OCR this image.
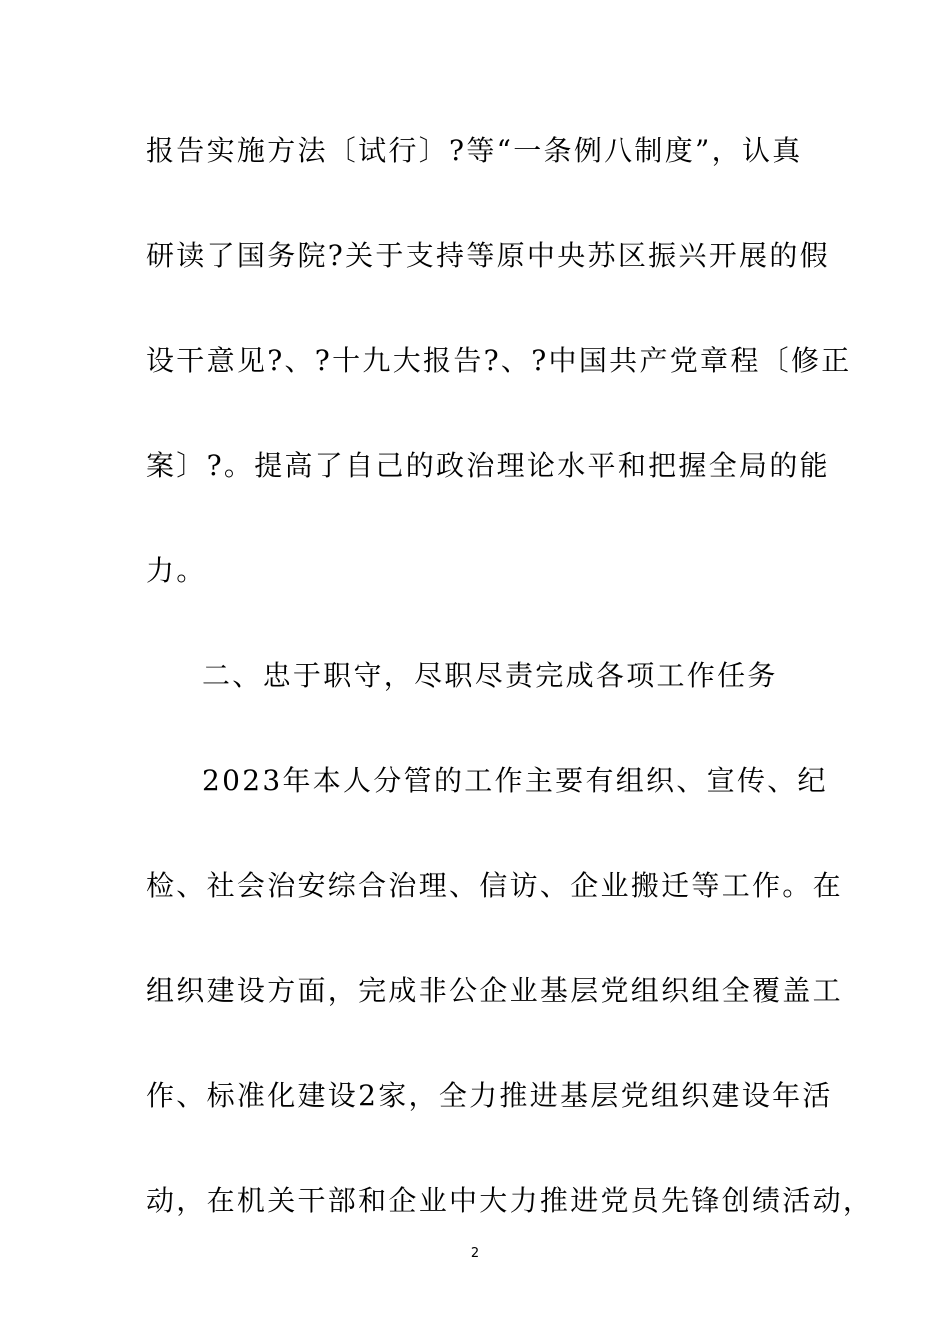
报告实施方法〔试行〕?等“一条例八制度”，认真
研读了国务院?关于支持等原中央苏区振兴开展的假
设干意见?、?十九大报告?、?中国共产党章程〔修正
案〕?。提高了自己的政治理论水平和把握全局的能
力。
二、忠于职守，尽职尽责完成各项工作任务
2023年本人分管的工作主要有组织、宣传、纪
检、社会治安综合治理、信访、企业搬迁等工作。在
组织建设方面，完成非公企业基层党组织组全覆盖工
作、标准化建设2家，全力推进基层党组织建设年活
动，在机关干部和企业中大力推进党员先锋创绩活动，
2
